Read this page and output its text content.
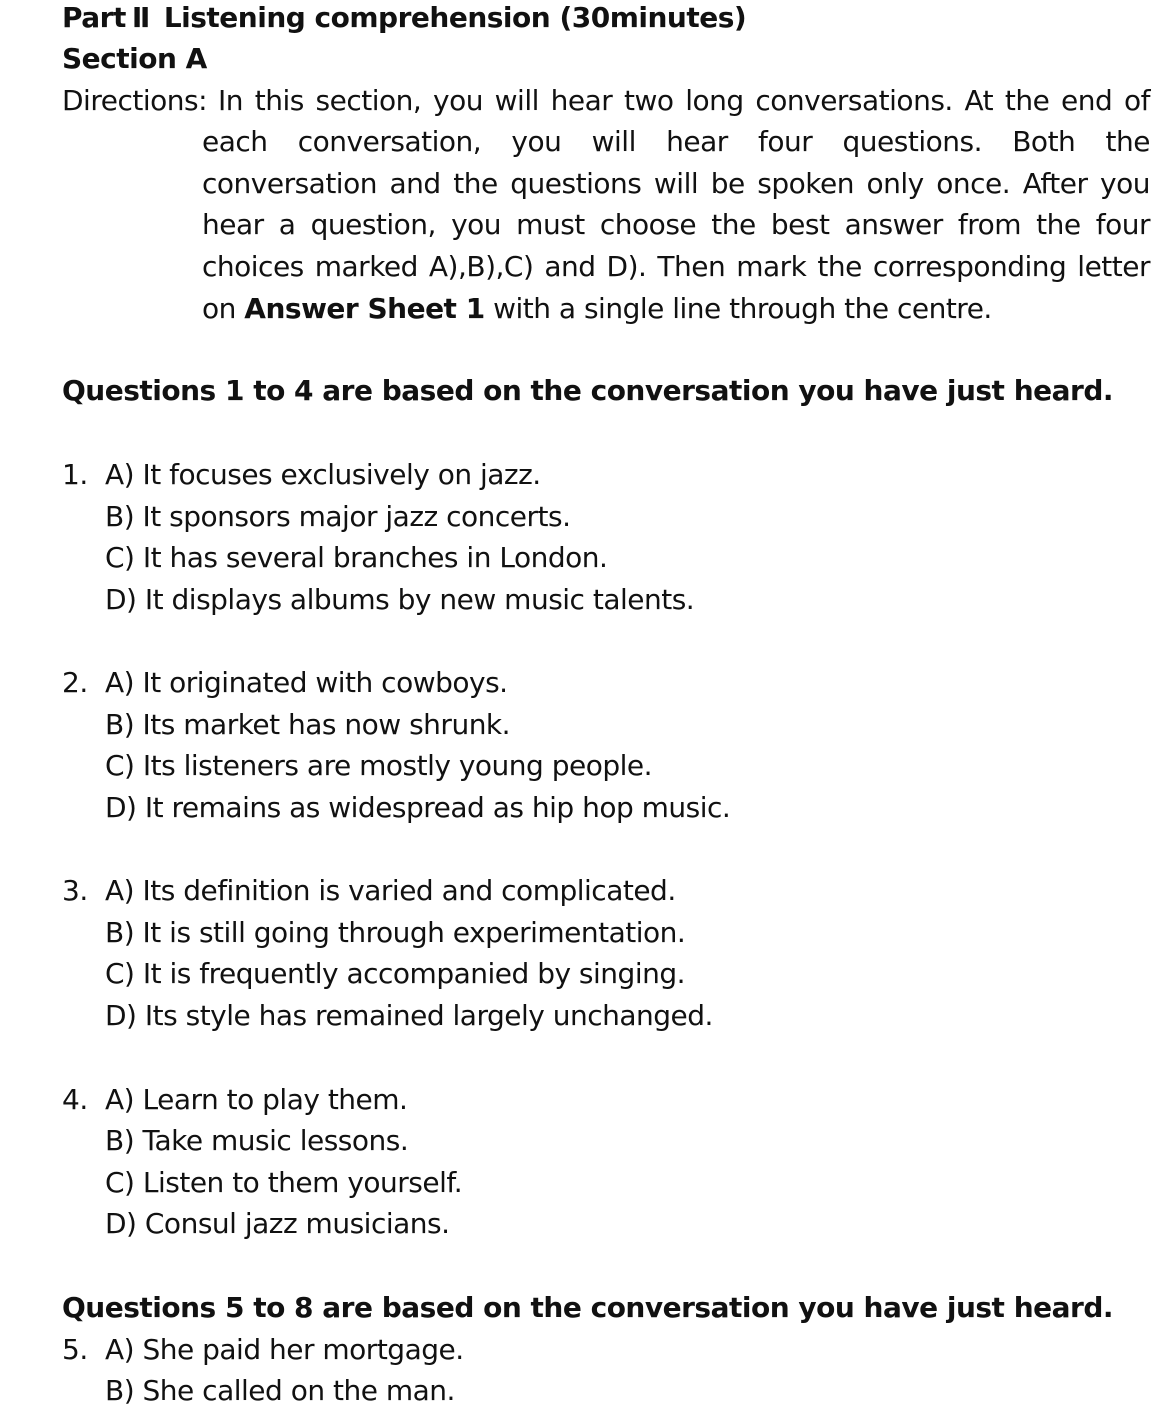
Part Ⅱ Listening comprehension (30minutes)
Section A
Directions: In this section, you will hear two long conversations. At the end of
each conversation, you will hear four questions. Both the
conversation and the questions will be spoken only once. After you
hear a question, you must choose the best answer from the four
choices marked A),B),C) and D). Then mark the corresponding letter
on Answer Sheet 1 with a single line through the centre.
Questions 1 to 4 are based on the conversation you have just heard.
1. A) It focuses exclusively on jazz.
B) It sponsors major jazz concerts.
C) It has several branches in London.
D) It displays albums by new music talents.
2. A) It originated with cowboys.
B) Its market has now shrunk.
C) Its listeners are mostly young people.
D) It remains as widespread as hip hop music.
3. A) Its definition is varied and complicated.
B) It is still going through experimentation.
C) It is frequently accompanied by singing.
D) Its style has remained largely unchanged.
4. A) Learn to play them.
B) Take music lessons.
C) Listen to them yourself.
D) Consul jazz musicians.
Questions 5 to 8 are based on the conversation you have just heard.
5. A) She paid her mortgage.
B) She called on the man.
